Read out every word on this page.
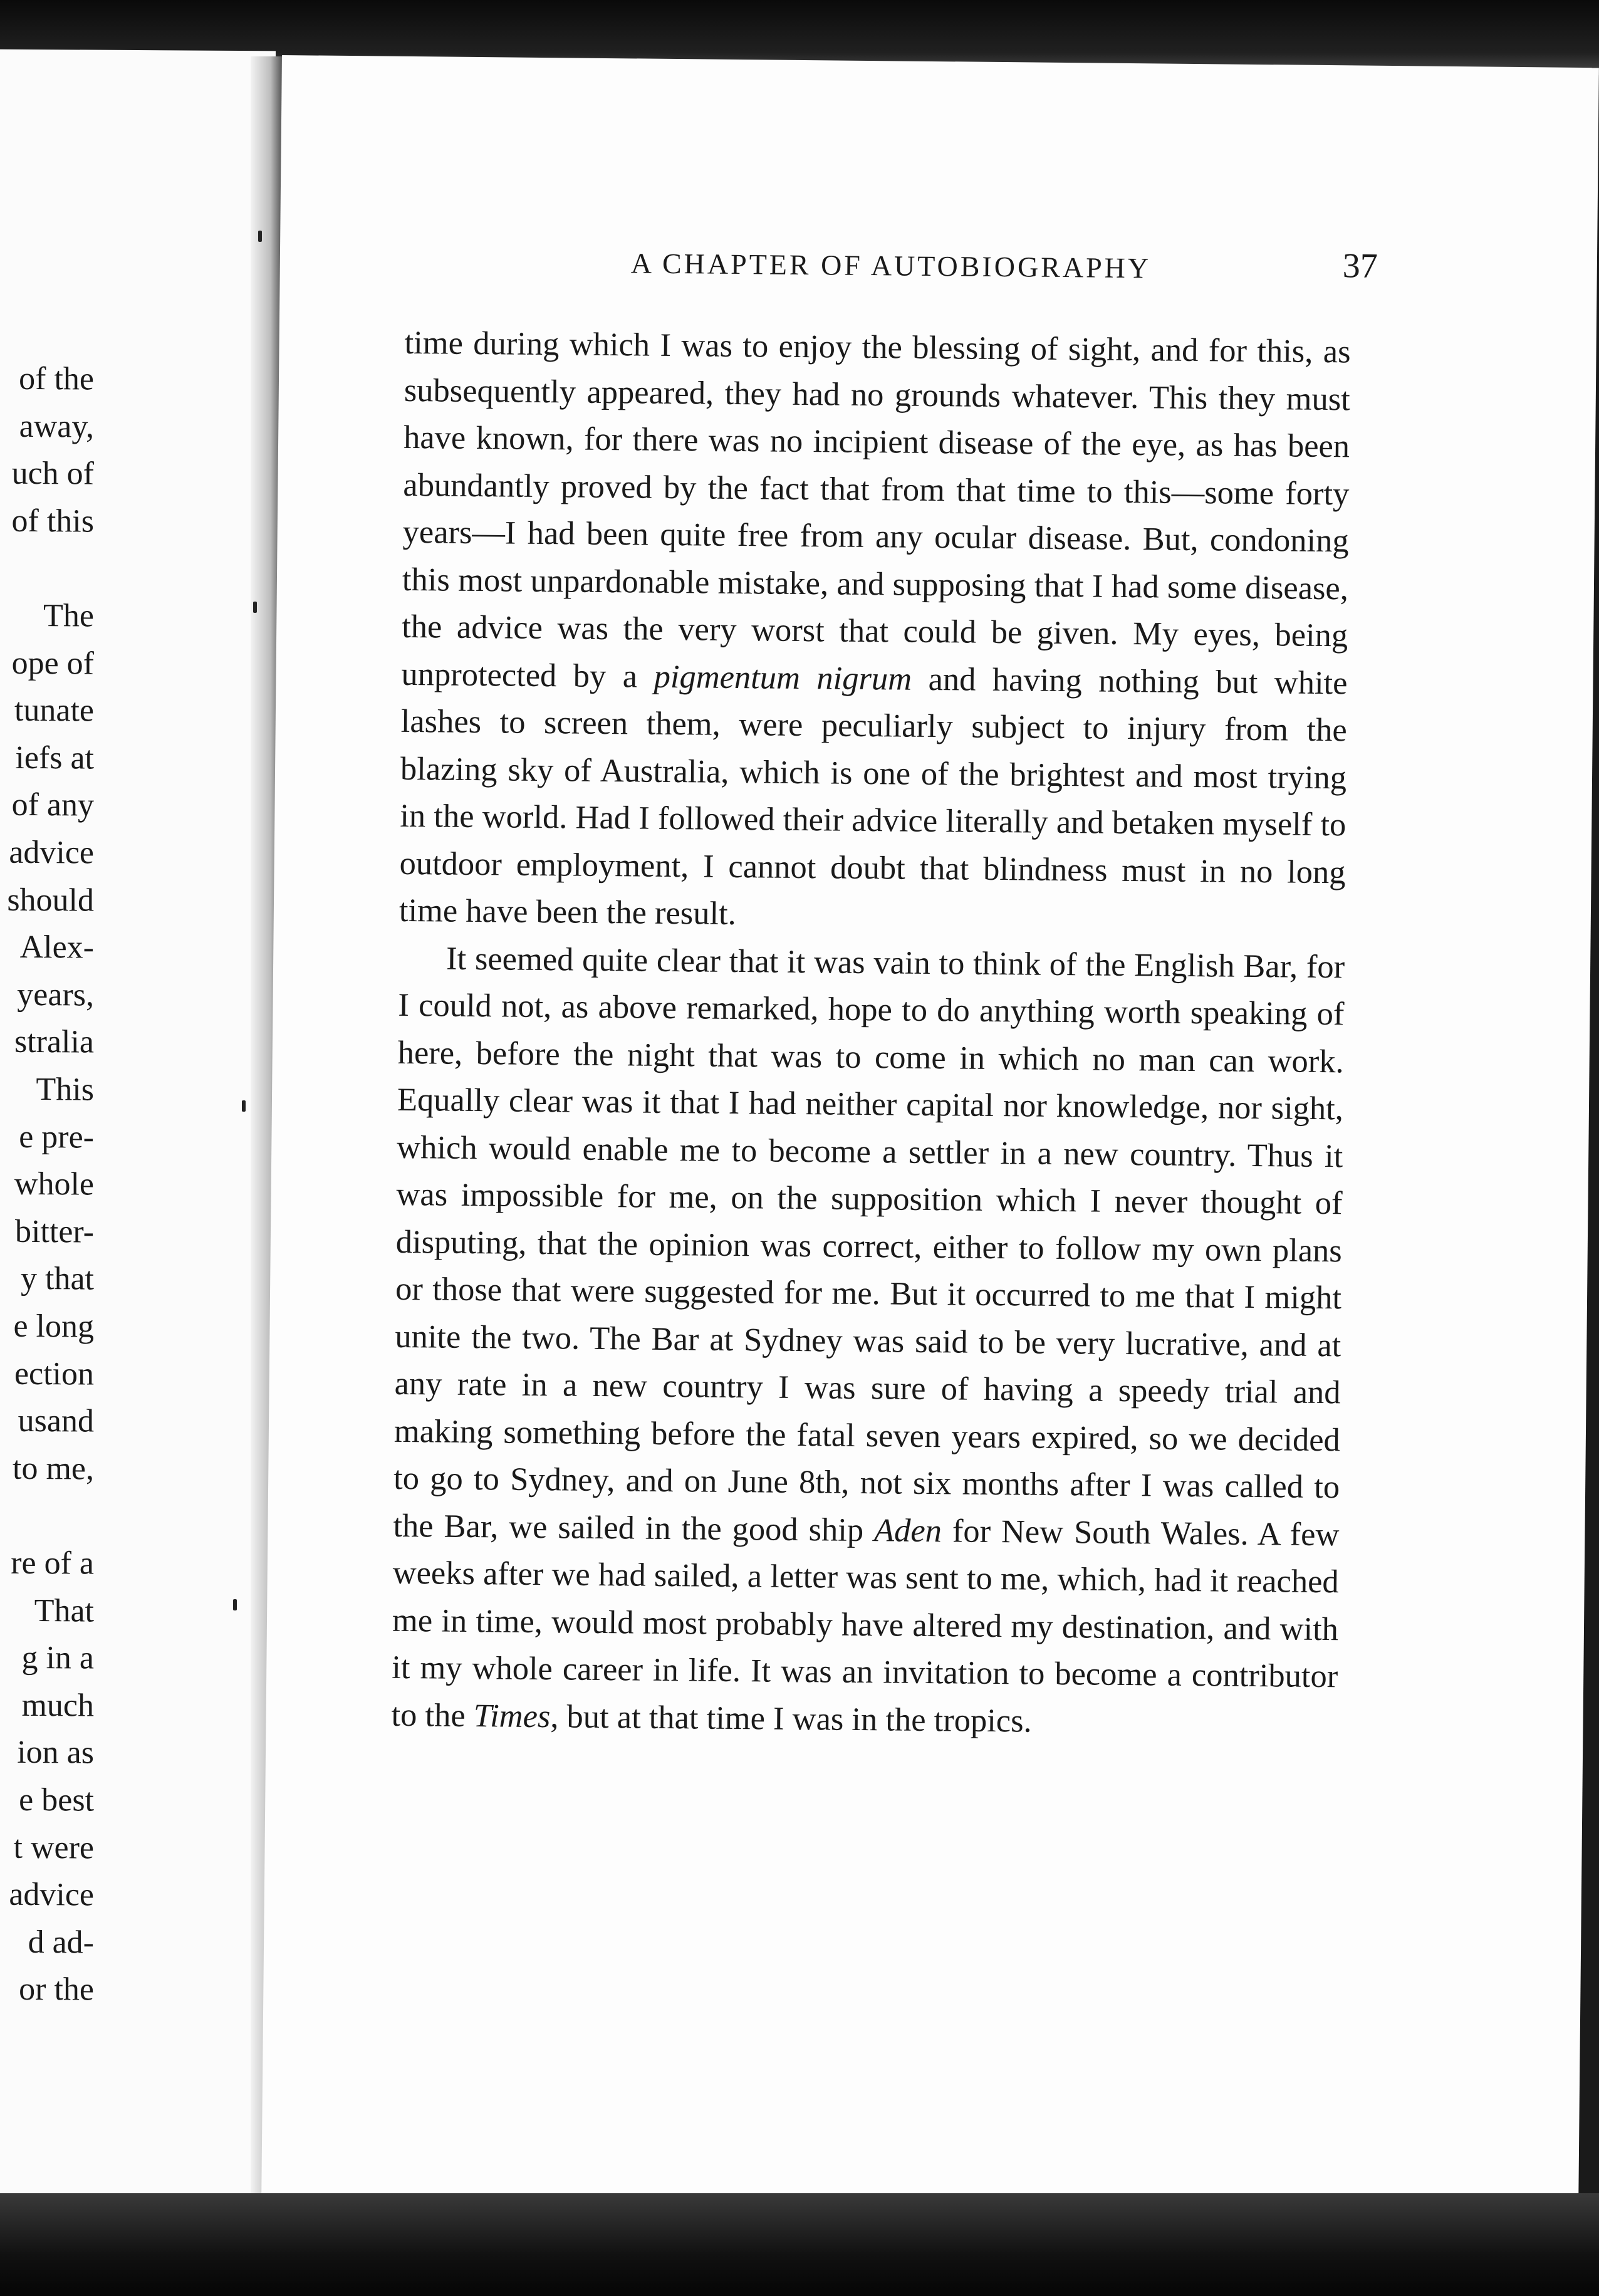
of the
away,
uch of
of this
The
ope of
tunate
iefs at
of any
advice
should
Alex-
years,
stralia
This
e pre-
whole
bitter-
y that
e long
ection
usand
to me,
re of a
That
g in a
much
ion as
e best
t were
advice
d ad-
or the
A CHAPTER OF AUTOBIOGRAPHY	37

time during which I was to enjoy the blessing of sight, and for this, as subsequently appeared, they had no grounds whatever. This they must have known, for there was no incipient disease of the eye, as has been abundantly proved by the fact that from that time to this—some forty years—I had been quite free from any ocular disease. But, condoning this most unpardonable mistake, and supposing that I had some disease, the advice was the very worst that could be given. My eyes, being unprotected by a pigmentum nigrum and having nothing but white lashes to screen them, were peculiarly subject to injury from the blazing sky of Australia, which is one of the brightest and most trying in the world. Had I followed their advice literally and betaken myself to outdoor employment, I cannot doubt that blindness must in no long time have been the result.

It seemed quite clear that it was vain to think of the English Bar, for I could not, as above remarked, hope to do anything worth speaking of here, before the night that was to come in which no man can work. Equally clear was it that I had neither capital nor knowledge, nor sight, which would enable me to become a settler in a new country. Thus it was impossible for me, on the supposition which I never thought of disputing, that the opinion was correct, either to follow my own plans or those that were suggested for me. But it occurred to me that I might unite the two. The Bar at Sydney was said to be very lucrative, and at any rate in a new country I was sure of having a speedy trial and making something before the fatal seven years expired, so we decided to go to Sydney, and on June 8th, not six months after I was called to the Bar, we sailed in the good ship Aden for New South Wales. A few weeks after we had sailed, a letter was sent to me, which, had it reached me in time, would most probably have altered my destination, and with it my whole career in life. It was an invitation to become a contributor to the Times, but at that time I was in the tropics.
